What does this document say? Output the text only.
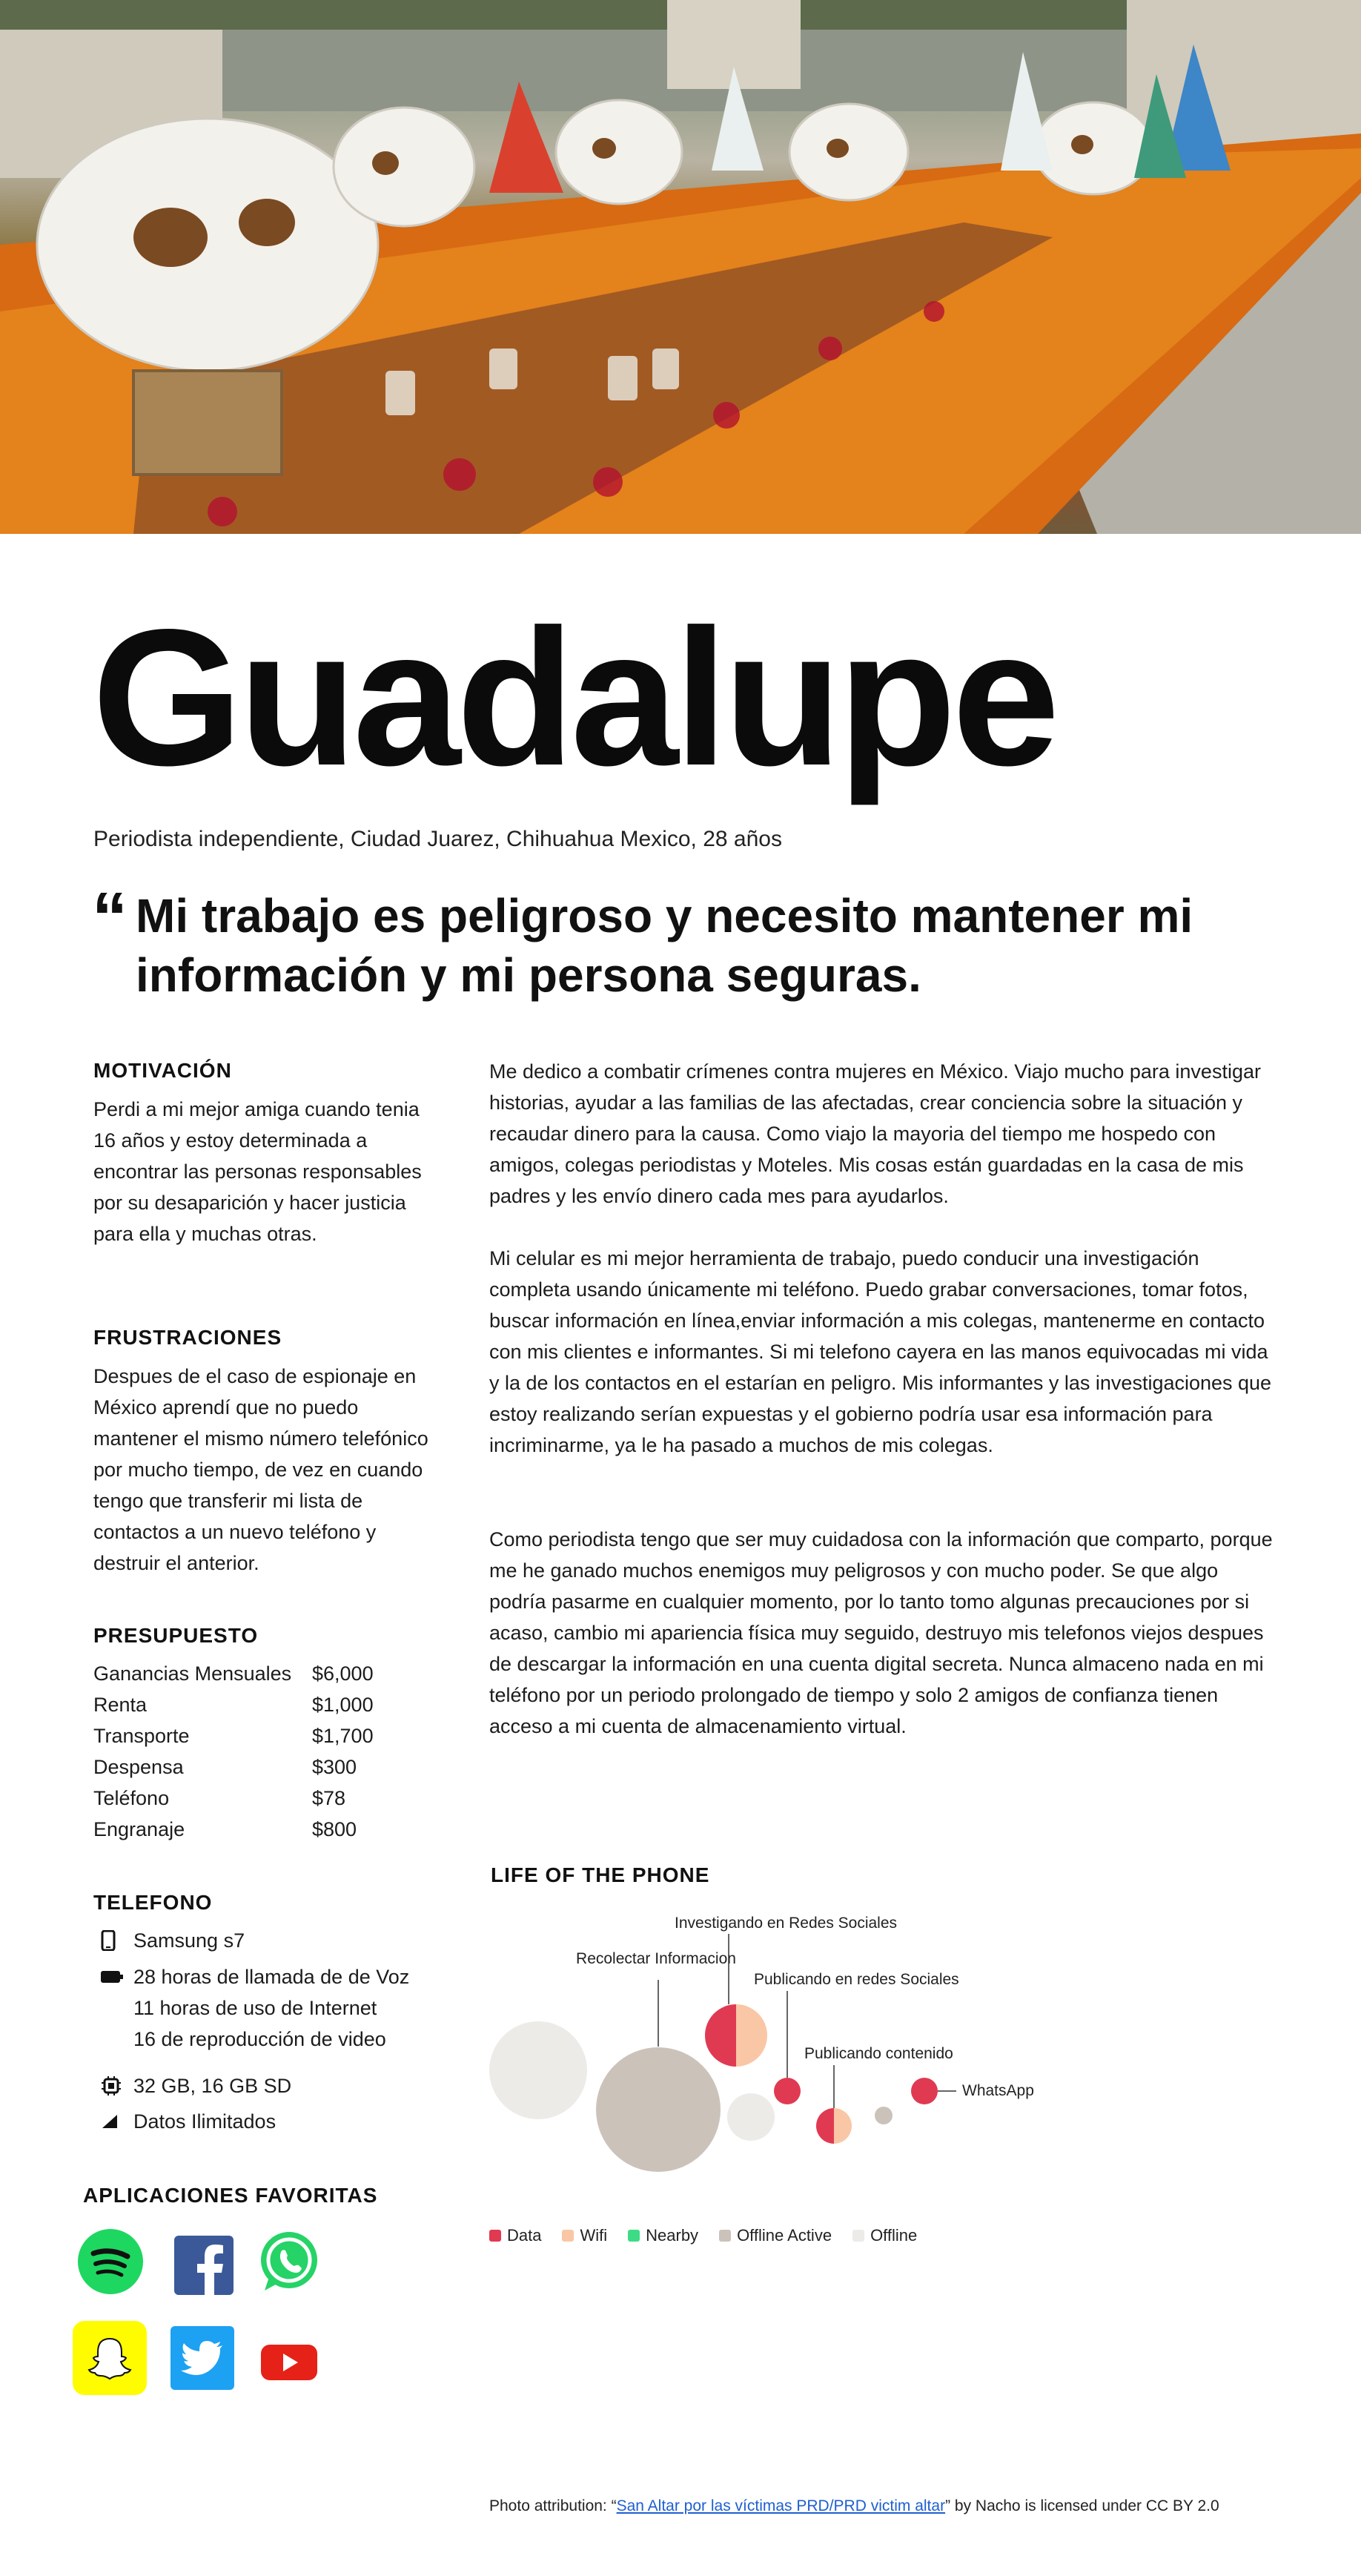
Guadalupe
Periodista independiente, Ciudad Juarez, Chihuahua Mexico, 28 años
“ Mi trabajo es peligroso y necesito mantener mi información y mi persona seguras.
MOTIVACIÓN
Perdi a mi mejor amiga cuando tenia 16 años y estoy determinada a encontrar las personas responsables por su desaparición y hacer justicia para ella y muchas otras.
FRUSTRACIONES
Despues de el caso de espionaje en México aprendí que no puedo mantener el mismo número telefónico por mucho tiempo, de vez en cuando tengo que transferir mi lista de contactos a un nuevo teléfono y destruir el anterior.
PRESUPUESTO
Ganancias Mensuales	$6,000
Renta	$1,000
Transporte	$1,700
Despensa	$300
Teléfono	$78
Engranaje	$800
TELEFONO
Samsung s7
28 horas de llamada de de Voz
11 horas de uso de Internet
16 de reproducción de video
32 GB, 16 GB SD
Datos Ilimitados
APLICACIONES FAVORITAS
Me dedico a combatir crímenes contra mujeres en México. Viajo mucho para investigar historias, ayudar a las familias de las afectadas, crear conciencia sobre la situación y recaudar dinero para la causa. Como viajo la mayoria del tiempo me hospedo con amigos, colegas periodistas y Moteles. Mis cosas están guardadas en la casa de mis padres y les envío dinero cada mes para ayudarlos.
Mi celular es mi mejor herramienta de trabajo, puedo conducir una investigación completa usando únicamente mi teléfono. Puedo grabar conversaciones, tomar fotos, buscar información en línea,enviar información a mis colegas, mantenerme en contacto con mis clientes e informantes. Si mi telefono cayera en las manos equivocadas mi vida y la de los contactos en el estarían en peligro. Mis informantes y las investigaciones que estoy realizando serían expuestas y el gobierno podría usar esa información para incriminarme, ya le ha pasado a muchos de mis colegas.
Como periodista tengo que ser muy cuidadosa con la información que comparto, porque me he ganado muchos enemigos muy peligrosos y con mucho poder. Se que algo podría pasarme en cualquier momento, por lo tanto tomo algunas precauciones por si acaso, cambio mi apariencia física muy seguido, destruyo mis telefonos viejos despues de descargar la información en una cuenta digital secreta. Nunca almaceno nada en mi teléfono por un periodo prolongado de tiempo y solo 2 amigos de confianza tienen acceso a mi cuenta de almacenamiento virtual.
LIFE OF THE PHONE
Recolectar Informacion
Investigando en Redes Sociales
Publicando en redes Sociales
Publicando contenido
WhatsApp
Data Wifi Nearby Offline Active Offline
Photo attribution: “San Altar por las víctimas PRD/PRD victim altar” by Nacho is licensed under CC BY 2.0
